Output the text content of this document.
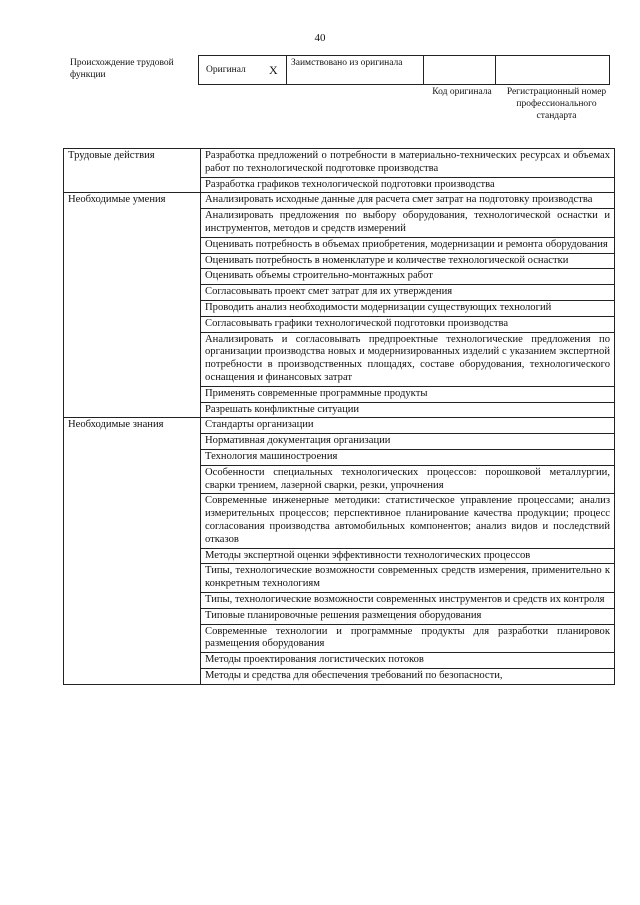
40
Происхождение трудовой функции	Оригинал X	Заимствовано из оригинала
Код оригинала	Регистрационный номер профессионального стандарта
Трудовые действия	Разработка предложений о потребности в материально-технических ресурсах и объемах работ по технологической подготовке производства
	Разработка графиков технологической подготовки производства
Необходимые умения	Анализировать исходные данные для расчета смет затрат на подготовку производства
	Анализировать предложения по выбору оборудования, технологической оснастки и инструментов, методов и средств измерений
	Оценивать потребность в объемах приобретения, модернизации и ремонта оборудования
	Оценивать потребность в номенклатуре и количестве технологической оснастки
	Оценивать объемы строительно-монтажных работ
	Согласовывать проект смет затрат для их утверждения
	Проводить анализ необходимости модернизации существующих технологий
	Согласовывать графики технологической подготовки производства
	Анализировать и согласовывать предпроектные технологические предложения по организации производства новых и модернизированных изделий с указанием экспертной потребности в производственных площадях, составе оборудования, технологического оснащения и финансовых затрат
	Применять современные программные продукты
	Разрешать конфликтные ситуации
Необходимые знания	Стандарты организации
	Нормативная документация организации
	Технология машиностроения
	Особенности специальных технологических процессов: порошковой металлургии, сварки трением, лазерной сварки, резки, упрочнения
	Современные инженерные методики: статистическое управление процессами; анализ измерительных процессов; перспективное планирование качества продукции; процесс согласования производства автомобильных компонентов; анализ видов и последствий отказов
	Методы экспертной оценки эффективности технологических процессов
	Типы, технологические возможности современных средств измерения, применительно к конкретным технологиям
	Типы, технологические возможности современных инструментов и средств их контроля
	Типовые планировочные решения размещения оборудования
	Современные технологии и программные продукты для разработки планировок размещения оборудования
	Методы проектирования логистических потоков
	Методы и средства для обеспечения требований по безопасности,
